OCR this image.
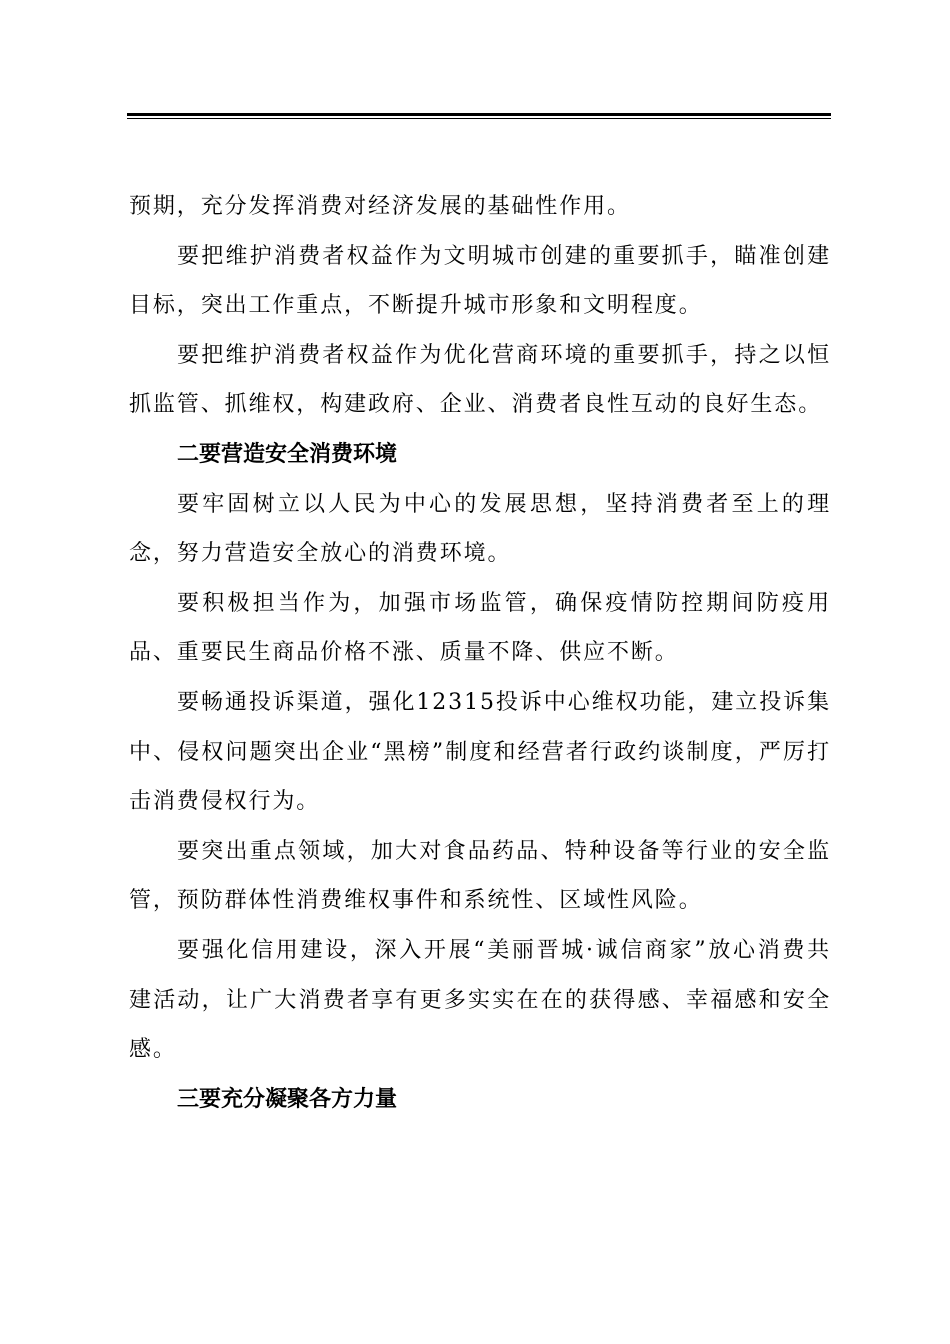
预期，充分发挥消费对经济发展的基础性作用。

要把维护消费者权益作为文明城市创建的重要抓手，瞄准创建目标，突出工作重点，不断提升城市形象和文明程度。

要把维护消费者权益作为优化营商环境的重要抓手，持之以恒抓监管、抓维权，构建政府、企业、消费者良性互动的良好生态。

二要营造安全消费环境

要牢固树立以人民为中心的发展思想，坚持消费者至上的理念，努力营造安全放心的消费环境。

要积极担当作为，加强市场监管，确保疫情防控期间防疫用品、重要民生商品价格不涨、质量不降、供应不断。

要畅通投诉渠道，强化12315投诉中心维权功能，建立投诉集中、侵权问题突出企业“黑榜”制度和经营者行政约谈制度，严厉打击消费侵权行为。

要突出重点领域，加大对食品药品、特种设备等行业的安全监管，预防群体性消费维权事件和系统性、区域性风险。

要强化信用建设，深入开展“美丽晋城·诚信商家”放心消费共建活动，让广大消费者享有更多实实在在的获得感、幸福感和安全感。

三要充分凝聚各方力量
